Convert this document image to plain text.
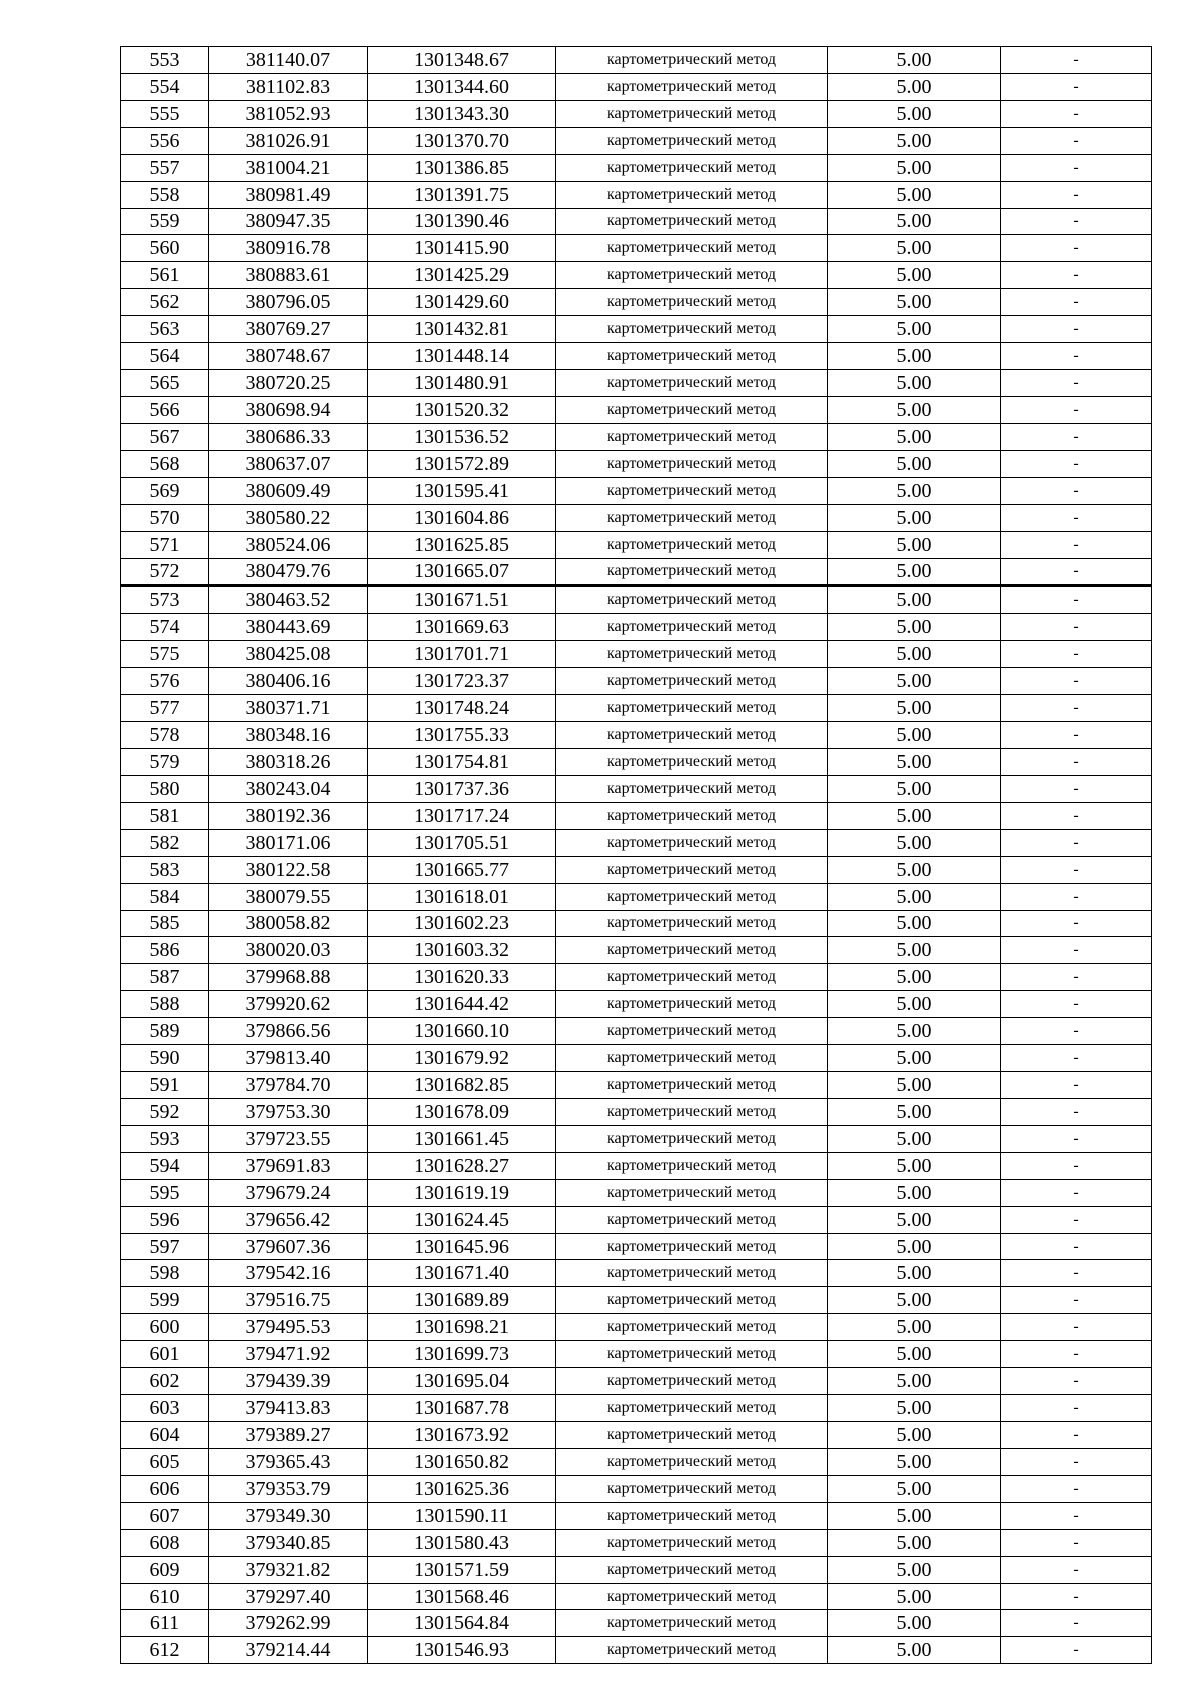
553	381140.07	1301348.67	картометрический метод	5.00	-
554	381102.83	1301344.60	картометрический метод	5.00	-
555	381052.93	1301343.30	картометрический метод	5.00	-
556	381026.91	1301370.70	картометрический метод	5.00	-
557	381004.21	1301386.85	картометрический метод	5.00	-
558	380981.49	1301391.75	картометрический метод	5.00	-
559	380947.35	1301390.46	картометрический метод	5.00	-
560	380916.78	1301415.90	картометрический метод	5.00	-
561	380883.61	1301425.29	картометрический метод	5.00	-
562	380796.05	1301429.60	картометрический метод	5.00	-
563	380769.27	1301432.81	картометрический метод	5.00	-
564	380748.67	1301448.14	картометрический метод	5.00	-
565	380720.25	1301480.91	картометрический метод	5.00	-
566	380698.94	1301520.32	картометрический метод	5.00	-
567	380686.33	1301536.52	картометрический метод	5.00	-
568	380637.07	1301572.89	картометрический метод	5.00	-
569	380609.49	1301595.41	картометрический метод	5.00	-
570	380580.22	1301604.86	картометрический метод	5.00	-
571	380524.06	1301625.85	картометрический метод	5.00	-
572	380479.76	1301665.07	картометрический метод	5.00	-
573	380463.52	1301671.51	картометрический метод	5.00	-
574	380443.69	1301669.63	картометрический метод	5.00	-
575	380425.08	1301701.71	картометрический метод	5.00	-
576	380406.16	1301723.37	картометрический метод	5.00	-
577	380371.71	1301748.24	картометрический метод	5.00	-
578	380348.16	1301755.33	картометрический метод	5.00	-
579	380318.26	1301754.81	картометрический метод	5.00	-
580	380243.04	1301737.36	картометрический метод	5.00	-
581	380192.36	1301717.24	картометрический метод	5.00	-
582	380171.06	1301705.51	картометрический метод	5.00	-
583	380122.58	1301665.77	картометрический метод	5.00	-
584	380079.55	1301618.01	картометрический метод	5.00	-
585	380058.82	1301602.23	картометрический метод	5.00	-
586	380020.03	1301603.32	картометрический метод	5.00	-
587	379968.88	1301620.33	картометрический метод	5.00	-
588	379920.62	1301644.42	картометрический метод	5.00	-
589	379866.56	1301660.10	картометрический метод	5.00	-
590	379813.40	1301679.92	картометрический метод	5.00	-
591	379784.70	1301682.85	картометрический метод	5.00	-
592	379753.30	1301678.09	картометрический метод	5.00	-
593	379723.55	1301661.45	картометрический метод	5.00	-
594	379691.83	1301628.27	картометрический метод	5.00	-
595	379679.24	1301619.19	картометрический метод	5.00	-
596	379656.42	1301624.45	картометрический метод	5.00	-
597	379607.36	1301645.96	картометрический метод	5.00	-
598	379542.16	1301671.40	картометрический метод	5.00	-
599	379516.75	1301689.89	картометрический метод	5.00	-
600	379495.53	1301698.21	картометрический метод	5.00	-
601	379471.92	1301699.73	картометрический метод	5.00	-
602	379439.39	1301695.04	картометрический метод	5.00	-
603	379413.83	1301687.78	картометрический метод	5.00	-
604	379389.27	1301673.92	картометрический метод	5.00	-
605	379365.43	1301650.82	картометрический метод	5.00	-
606	379353.79	1301625.36	картометрический метод	5.00	-
607	379349.30	1301590.11	картометрический метод	5.00	-
608	379340.85	1301580.43	картометрический метод	5.00	-
609	379321.82	1301571.59	картометрический метод	5.00	-
610	379297.40	1301568.46	картометрический метод	5.00	-
611	379262.99	1301564.84	картометрический метод	5.00	-
612	379214.44	1301546.93	картометрический метод	5.00	-
